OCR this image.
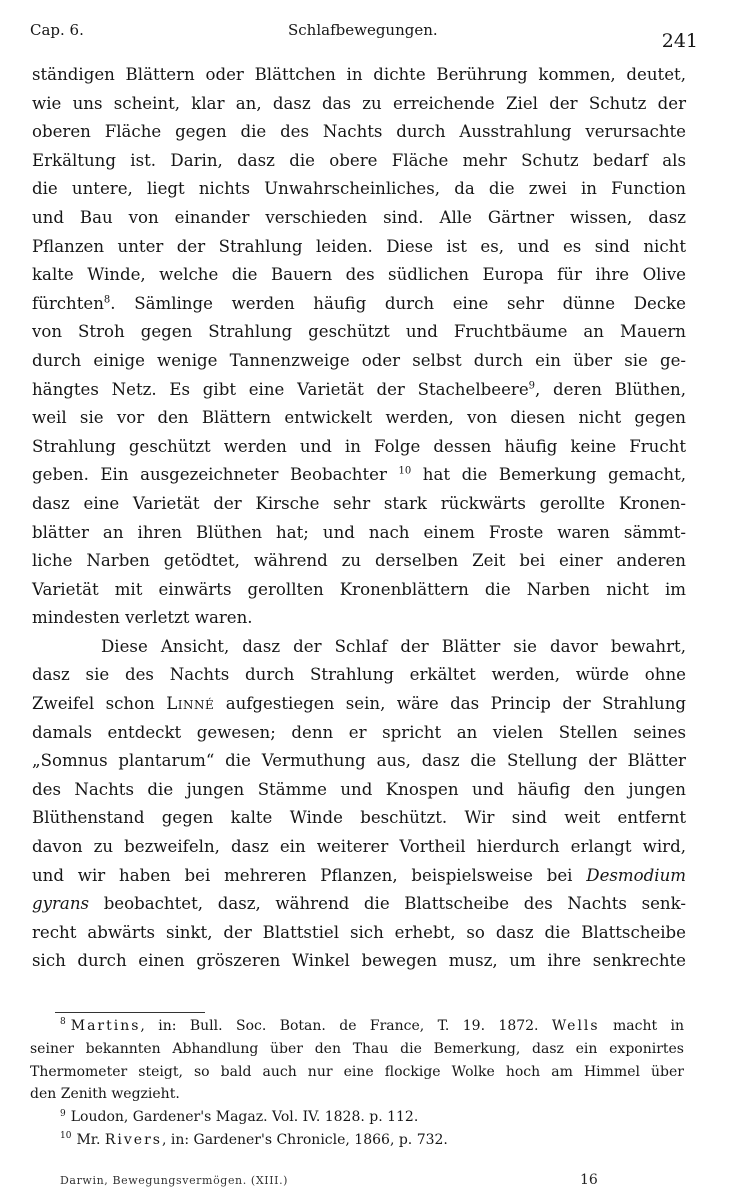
Cap. 6.	Schlafbewegungen.	241
ständigen Blättern oder Blättchen in dichte Berührung kommen, deutet,
wie uns scheint, klar an, dasz das zu erreichende Ziel der Schutz der
oberen Fläche gegen die des Nachts durch Ausstrahlung verursachte
Erkältung ist. Darin, dasz die obere Fläche mehr Schutz bedarf als
die untere, liegt nichts Unwahrscheinliches, da die zwei in Function
und Bau von einander verschieden sind. Alle Gärtner wissen, dasz
Pflanzen unter der Strahlung leiden. Diese ist es, und es sind nicht
kalte Winde, welche die Bauern des südlichen Europa für ihre Olive
fürchten$^8$. Sämlinge werden häufig durch eine sehr dünne Decke
von Stroh gegen Strahlung geschützt und Fruchtbäume an Mauern
durch einige wenige Tannenzweige oder selbst durch ein über sie ge-
hängtes Netz. Es gibt eine Varietät der Stachelbeere$^9$, deren Blüthen,
weil sie vor den Blättern entwickelt werden, von diesen nicht gegen
Strahlung geschützt werden und in Folge dessen häufig keine Frucht
geben. Ein ausgezeichneter Beobachter $^{10}$ hat die Bemerkung gemacht,
dasz eine Varietät der Kirsche sehr stark rückwärts gerollte Kronen-
blätter an ihren Blüthen hat; und nach einem Froste waren sämmt-
liche Narben getödtet, während zu derselben Zeit bei einer anderen
Varietät mit einwärts gerollten Kronenblättern die Narben nicht im
mindesten verletzt waren.
Diese Ansicht, dasz der Schlaf der Blätter sie davor bewahrt,
dasz sie des Nachts durch Strahlung erkältet werden, würde ohne
Zweifel schon Linné aufgestiegen sein, wäre das Princip der Strahlung
damals entdeckt gewesen; denn er spricht an vielen Stellen seines
„Somnus plantarum“ die Vermuthung aus, dasz die Stellung der Blätter
des Nachts die jungen Stämme und Knospen und häufig den jungen
Blüthenstand gegen kalte Winde beschützt. Wir sind weit entfernt
davon zu bezweifeln, dasz ein weiterer Vortheil hierdurch erlangt wird,
und wir haben bei mehreren Pflanzen, beispielsweise bei Desmodium
gyrans beobachtet, dasz, während die Blattscheibe des Nachts senk-
recht abwärts sinkt, der Blattstiel sich erhebt, so dasz die Blattscheibe
sich durch einen gröszeren Winkel bewegen musz, um ihre senkrechte
$^8$ Martins, in: Bull. Soc. Botan. de France, T. 19. 1872. Wells macht in
seiner bekannten Abhandlung über den Thau die Bemerkung, dasz ein exponirtes
Thermometer steigt, so bald auch nur eine flockige Wolke hoch am Himmel über
den Zenith wegzieht.
$^9$ Loudon, Gardener's Magaz. Vol. IV. 1828. p. 112.
$^{10}$ Mr. Rivers, in: Gardener's Chronicle, 1866, p. 732.
Darwin, Bewegungsvermögen. (XIII.)	16
